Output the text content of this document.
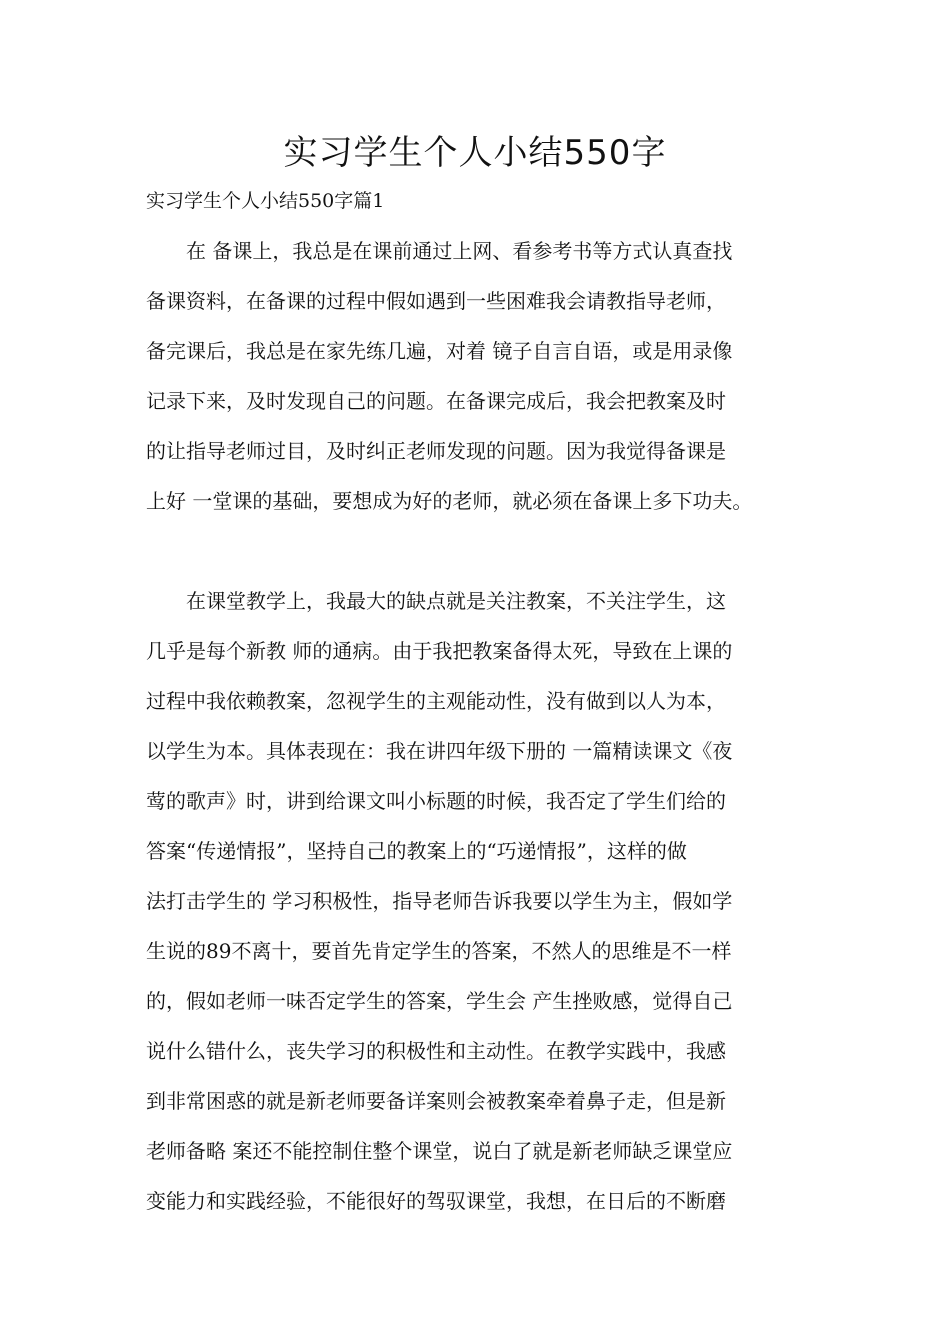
实习学生个人小结550字
实习学生个人小结550字篇1

　　在 备课上，我总是在课前通过上网、看参考书等方式认真查找
备课资料，在备课的过程中假如遇到一些困难我会请教指导老师，
备完课后，我总是在家先练几遍，对着 镜子自言自语，或是用录像
记录下来，及时发现自己的问题。在备课完成后，我会把教案及时
的让指导老师过目，及时纠正老师发现的问题。因为我觉得备课是
上好 一堂课的基础，要想成为好的老师，就必须在备课上多下功夫。

　　在课堂教学上，我最大的缺点就是关注教案，不关注学生，这
几乎是每个新教 师的通病。由于我把教案备得太死，导致在上课的
过程中我依赖教案，忽视学生的主观能动性，没有做到以人为本，
以学生为本。具体表现在：我在讲四年级下册的 一篇精读课文《夜
莺的歌声》时，讲到给课文叫小标题的时候，我否定了学生们给的
答案“传递情报”，坚持自己的教案上的“巧递情报”，这样的做
法打击学生的 学习积极性，指导老师告诉我要以学生为主，假如学
生说的89不离十，要首先肯定学生的答案，不然人的思维是不一样
的，假如老师一味否定学生的答案，学生会 产生挫败感，觉得自己
说什么错什么，丧失学习的积极性和主动性。在教学实践中，我感
到非常困惑的就是新老师要备详案则会被教案牵着鼻子走，但是新
老师备略 案还不能控制住整个课堂，说白了就是新老师缺乏课堂应
变能力和实践经验，不能很好的驾驭课堂，我想，在日后的不断磨
